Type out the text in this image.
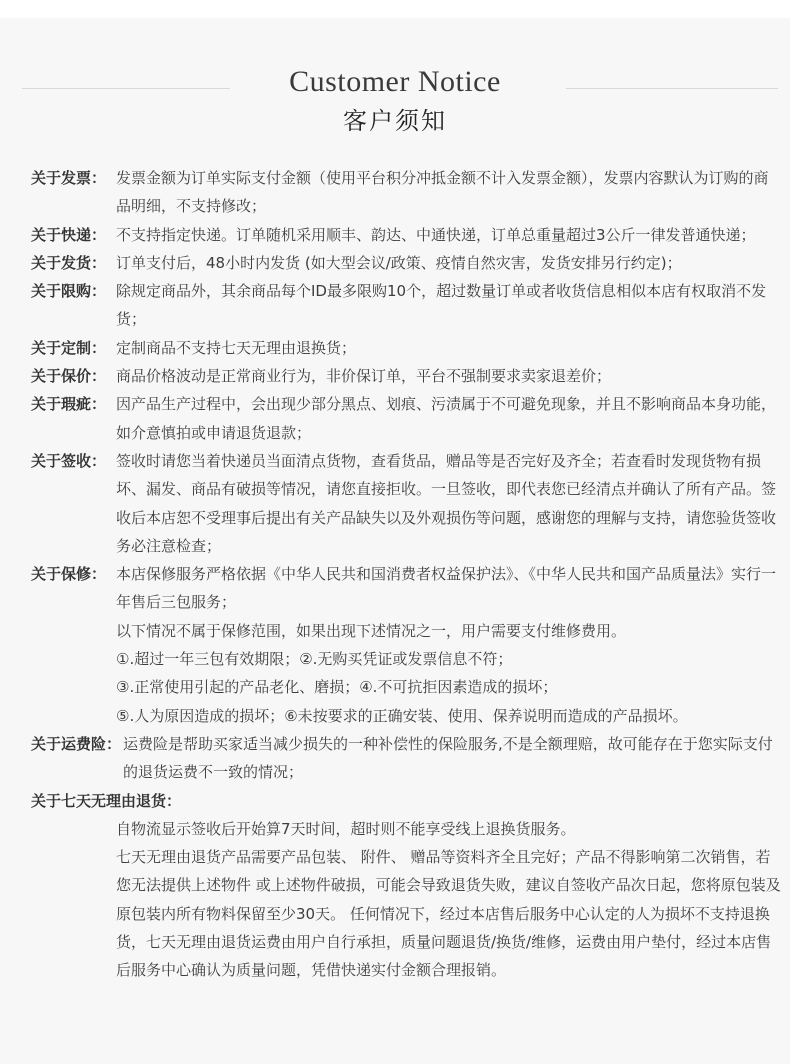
Customer Notice
客户须知
关于发票： 发票金额为订单实际支付金额（使用平台积分冲抵金额不计入发票金额），发票内容默认为订购的商品明细，不支持修改；
关于快递： 不支持指定快递。订单随机采用顺丰、韵达、中通快递，订单总重量超过3公斤一律发普通快递；
关于发货： 订单支付后，48小时内发货 (如大型会议/政策、疫情自然灾害，发货安排另行约定)；
关于限购： 除规定商品外，其余商品每个ID最多限购10个，超过数量订单或者收货信息相似本店有权取消不发货；
关于定制： 定制商品不支持七天无理由退换货；
关于保价： 商品价格波动是正常商业行为，非价保订单，平台不强制要求卖家退差价；
关于瑕疵： 因产品生产过程中，会出现少部分黑点、划痕、污渍属于不可避免现象，并且不影响商品本身功能，如介意慎拍或申请退货退款；
关于签收： 签收时请您当着快递员当面清点货物，查看货品，赠品等是否完好及齐全；若查看时发现货物有损坏、漏发、商品有破损等情况，请您直接拒收。一旦签收，即代表您已经清点并确认了所有产品。签收后本店恕不受理事后提出有关产品缺失以及外观损伤等问题，感谢您的理解与支持，请您验货签收务必注意检查；
关于保修： 本店保修服务严格依据《中华人民共和国消费者权益保护法》、《中华人民共和国产品质量法》实行一年售后三包服务；
以下情况不属于保修范围，如果出现下述情况之一，用户需要支付维修费用。
①.超过一年三包有效期限；②.无购买凭证或发票信息不符；
③.正常使用引起的产品老化、磨损；④.不可抗拒因素造成的损坏；
⑤.人为原因造成的损坏；⑥未按要求的正确安装、使用、保养说明而造成的产品损坏。
关于运费险： 运费险是帮助买家适当减少损失的一种补偿性的保险服务,不是全额理赔，故可能存在于您实际支付的退货运费不一致的情况；
关于七天无理由退货：
自物流显示签收后开始算7天时间，超时则不能享受线上退换货服务。
七天无理由退货产品需要产品包装、 附件、 赠品等资料齐全且完好；产品不得影响第二次销售，若您无法提供上述物件 或上述物件破损，可能会导致退货失败，建议自签收产品次日起，您将原包装及原包装内所有物料保留至少30天。 任何情况下，经过本店售后服务中心认定的人为损坏不支持退换货，七天无理由退货运费由用户自行承担，质量问题退货/换货/维修，运费由用户垫付，经过本店售后服务中心确认为质量问题，凭借快递实付金额合理报销。
